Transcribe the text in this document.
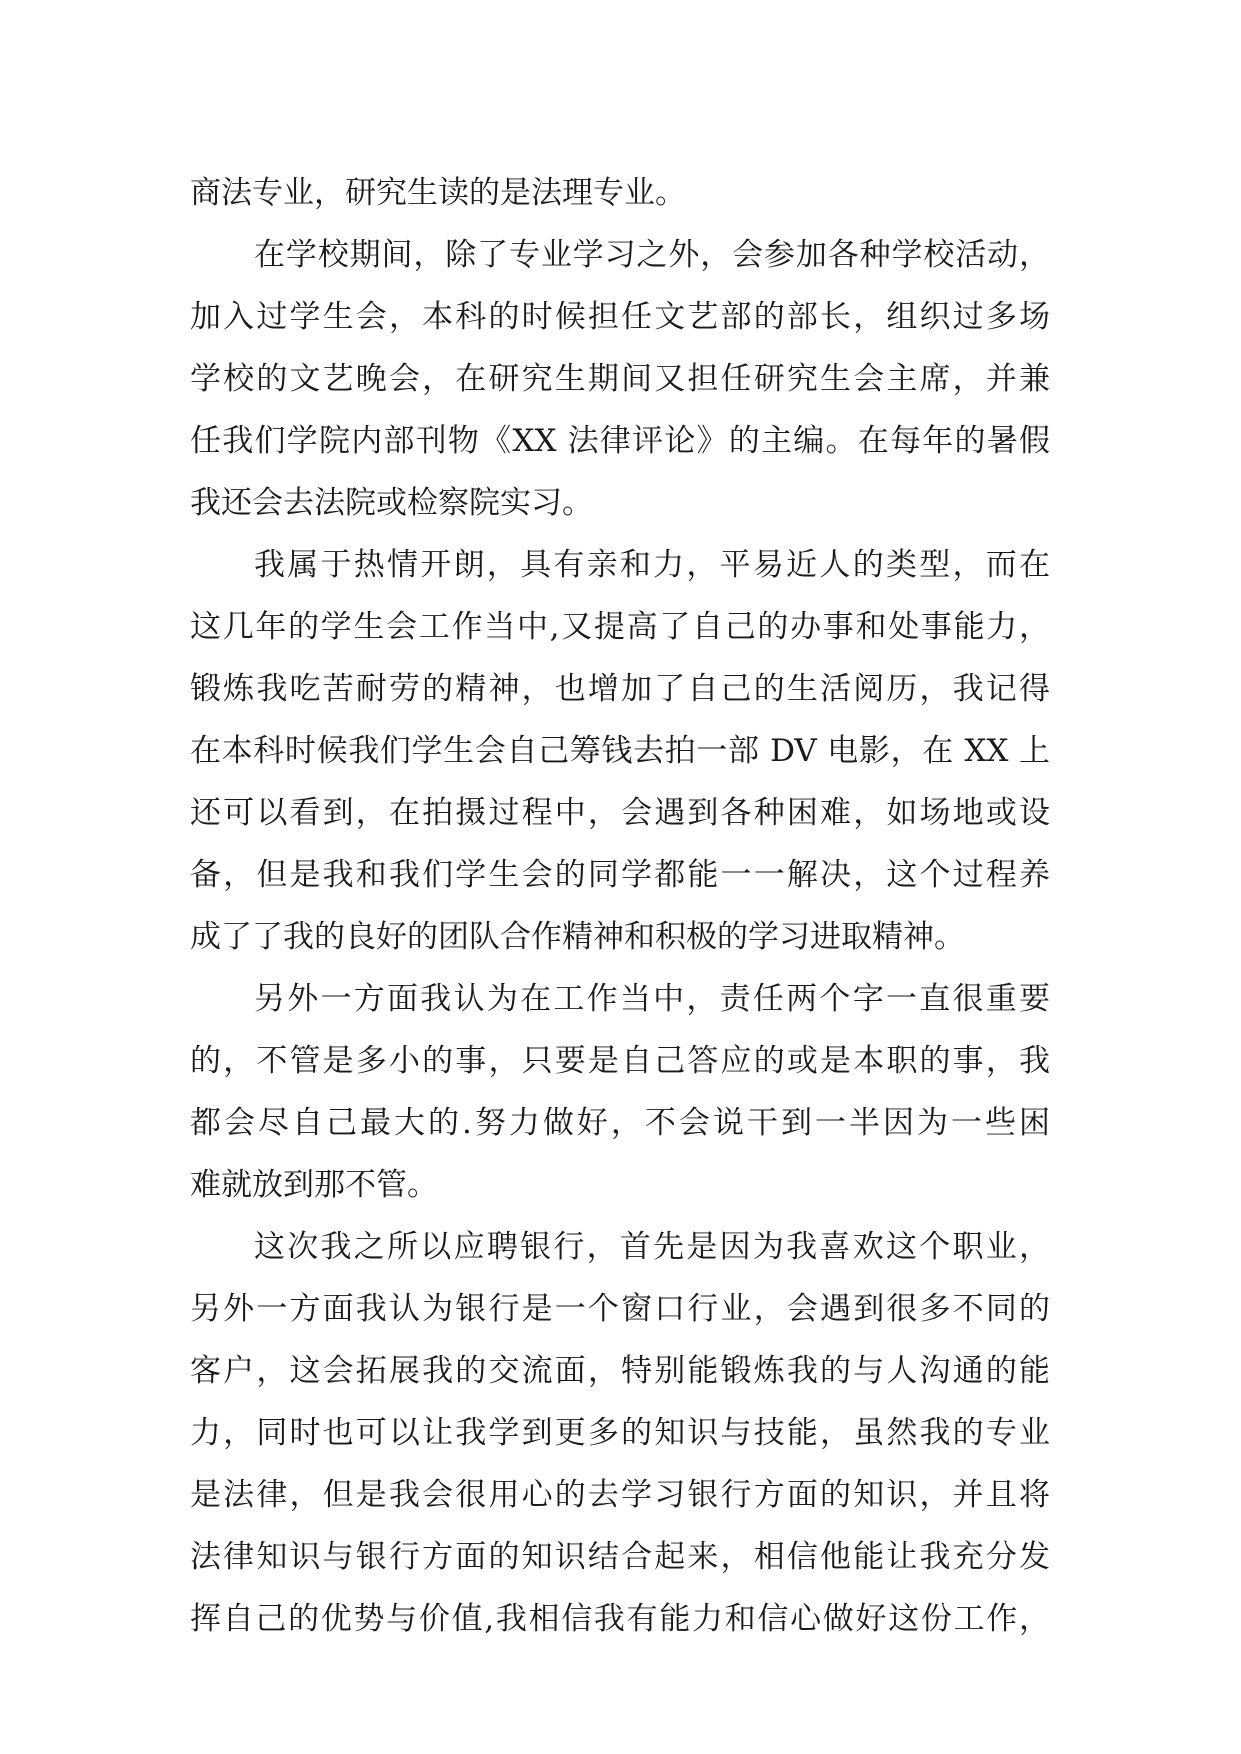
商法专业，研究生读的是法理专业。
在学校期间，除了专业学习之外，会参加各种学校活动，
加入过学生会，本科的时候担任文艺部的部长，组织过多场
学校的文艺晚会，在研究生期间又担任研究生会主席，并兼
任我们学院内部刊物《XX 法律评论》的主编。在每年的暑假
我还会去法院或检察院实习。
我属于热情开朗，具有亲和力，平易近人的类型，而在
这几年的学生会工作当中,又提高了自己的办事和处事能力，
锻炼我吃苦耐劳的精神，也增加了自己的生活阅历，我记得
在本科时候我们学生会自己筹钱去拍一部 DV 电影，在 XX 上
还可以看到，在拍摄过程中，会遇到各种困难，如场地或设
备，但是我和我们学生会的同学都能一一解决，这个过程养
成了了我的良好的团队合作精神和积极的学习进取精神。
另外一方面我认为在工作当中，责任两个字一直很重要
的，不管是多小的事，只要是自己答应的或是本职的事，我
都会尽自己最大的.努力做好，不会说干到一半因为一些困
难就放到那不管。
这次我之所以应聘银行，首先是因为我喜欢这个职业，
另外一方面我认为银行是一个窗口行业，会遇到很多不同的
客户，这会拓展我的交流面，特别能锻炼我的与人沟通的能
力，同时也可以让我学到更多的知识与技能，虽然我的专业
是法律，但是我会很用心的去学习银行方面的知识，并且将
法律知识与银行方面的知识结合起来，相信他能让我充分发
挥自己的优势与价值,我相信我有能力和信心做好这份工作，
